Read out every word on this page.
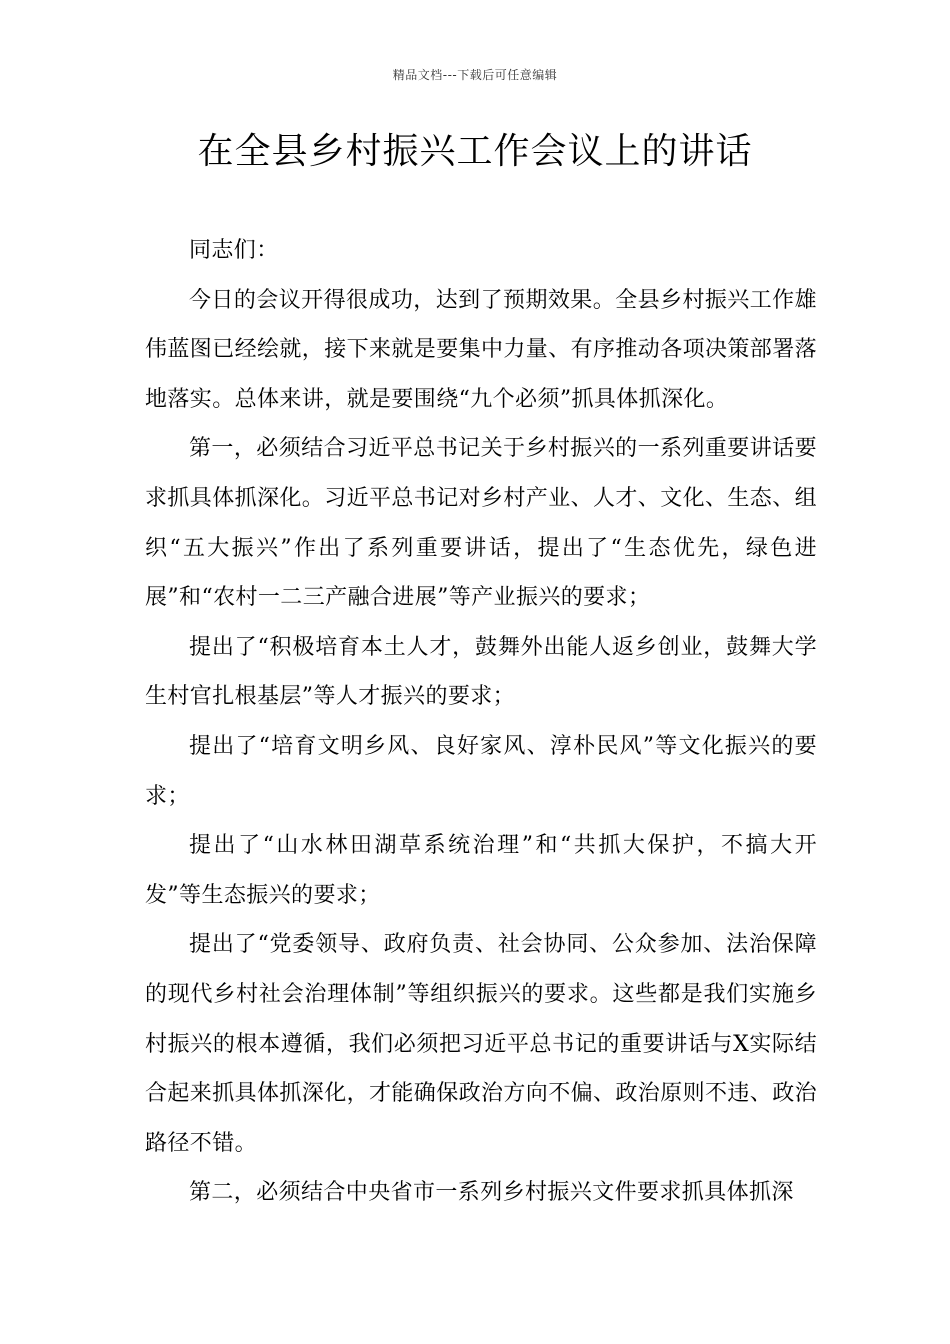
精品文档---下载后可任意编辑
在全县乡村振兴工作会议上的讲话

同志们：

今日的会议开得很成功，达到了预期效果。全县乡村振兴工作雄伟蓝图已经绘就，接下来就是要集中力量、有序推动各项决策部署落地落实。总体来讲，就是要围绕“九个必须”抓具体抓深化。

第一，必须结合习近平总书记关于乡村振兴的一系列重要讲话要求抓具体抓深化。习近平总书记对乡村产业、人才、文化、生态、组织“五大振兴”作出了系列重要讲话，提出了“生态优先，绿色进展”和“农村一二三产融合进展”等产业振兴的要求；

提出了“积极培育本土人才，鼓舞外出能人返乡创业，鼓舞大学生村官扎根基层”等人才振兴的要求；

提出了“培育文明乡风、良好家风、淳朴民风”等文化振兴的要求；

提出了“山水林田湖草系统治理”和“共抓大保护，不搞大开发”等生态振兴的要求；

提出了“党委领导、政府负责、社会协同、公众参加、法治保障的现代乡村社会治理体制”等组织振兴的要求。这些都是我们实施乡村振兴的根本遵循，我们必须把习近平总书记的重要讲话与X实际结合起来抓具体抓深化，才能确保政治方向不偏、政治原则不违、政治路径不错。

第二，必须结合中央省市一系列乡村振兴文件要求抓具体抓深
